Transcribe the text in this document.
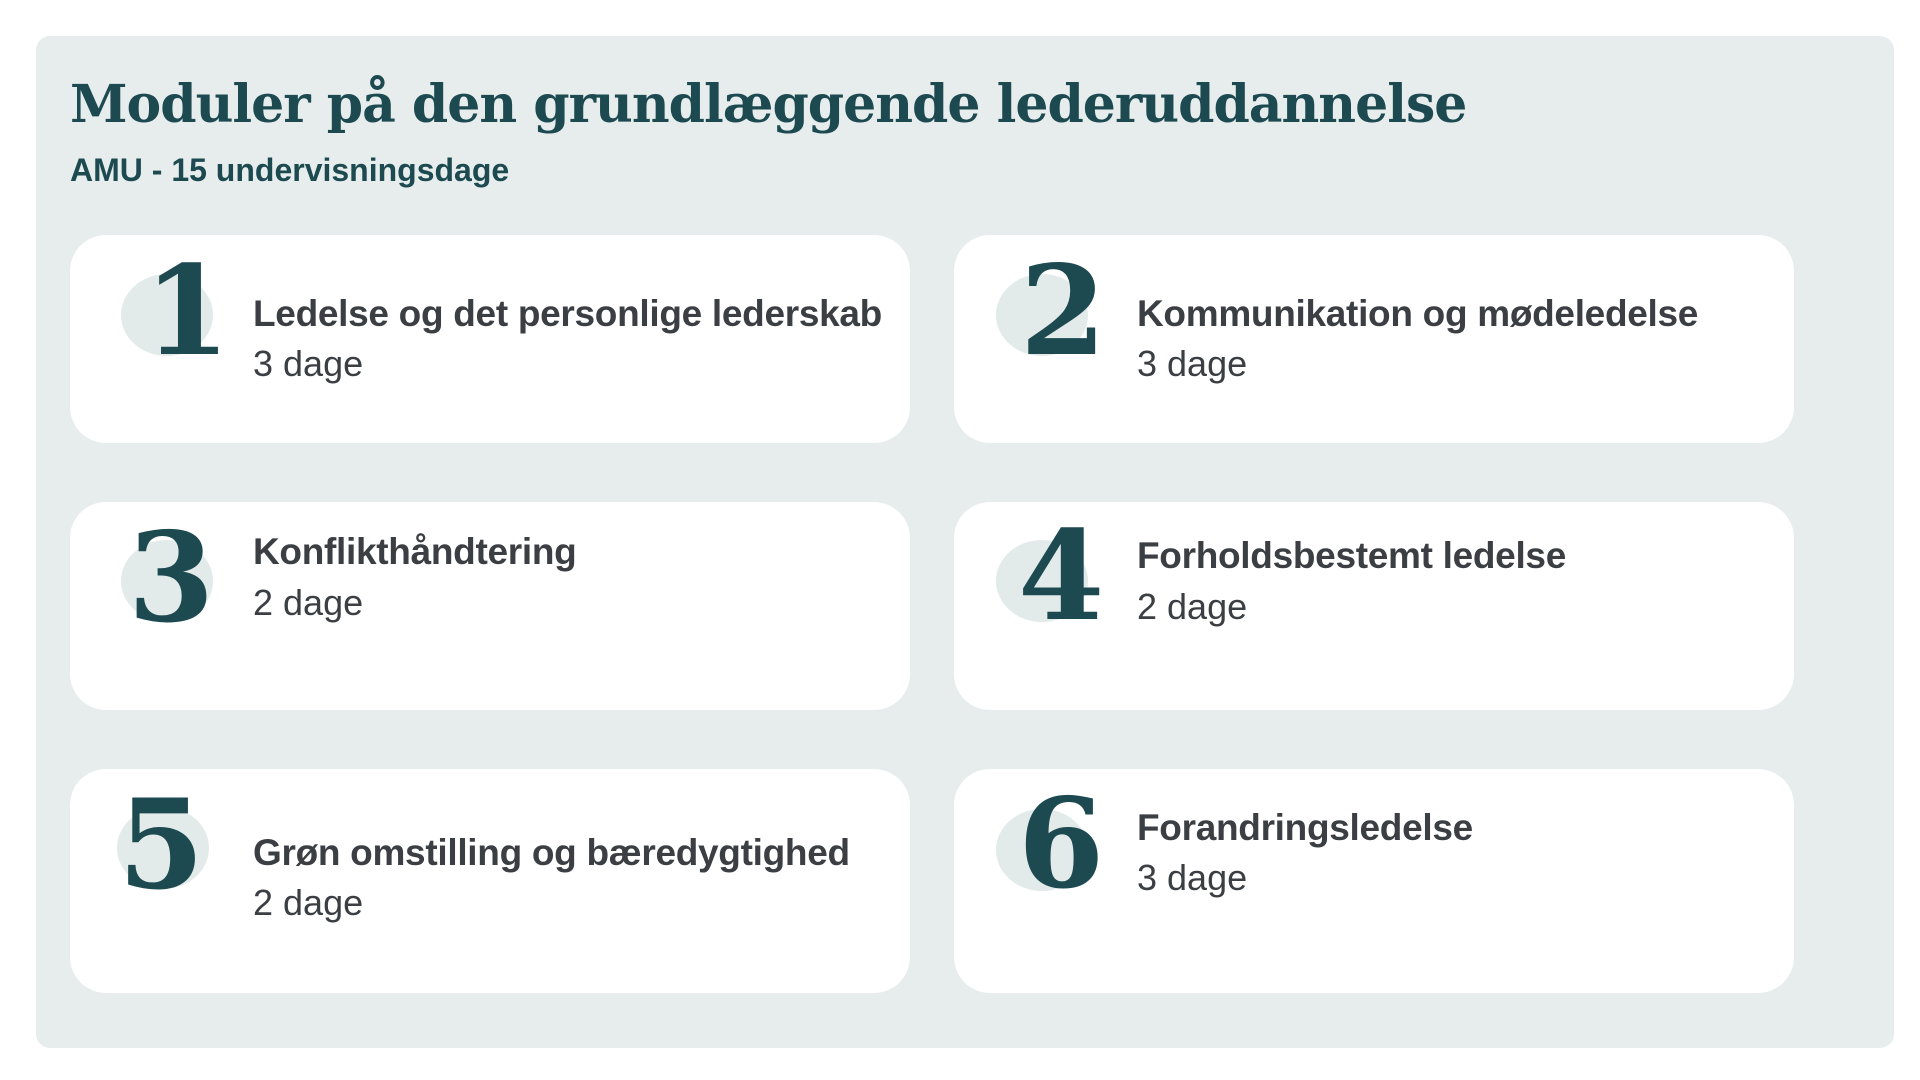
Moduler på den grundlæggende lederuddannelse
AMU - 15 undervisningsdage
1 Ledelse og det personlige lederskab
3 dage	2 Kommunikation og mødeledelse
3 dage
3 Konflikthåndtering
2 dage	4 Forholdsbestemt ledelse
2 dage
5 Grøn omstilling og bæredygtighed
2 dage	6 Forandringsledelse
3 dage
